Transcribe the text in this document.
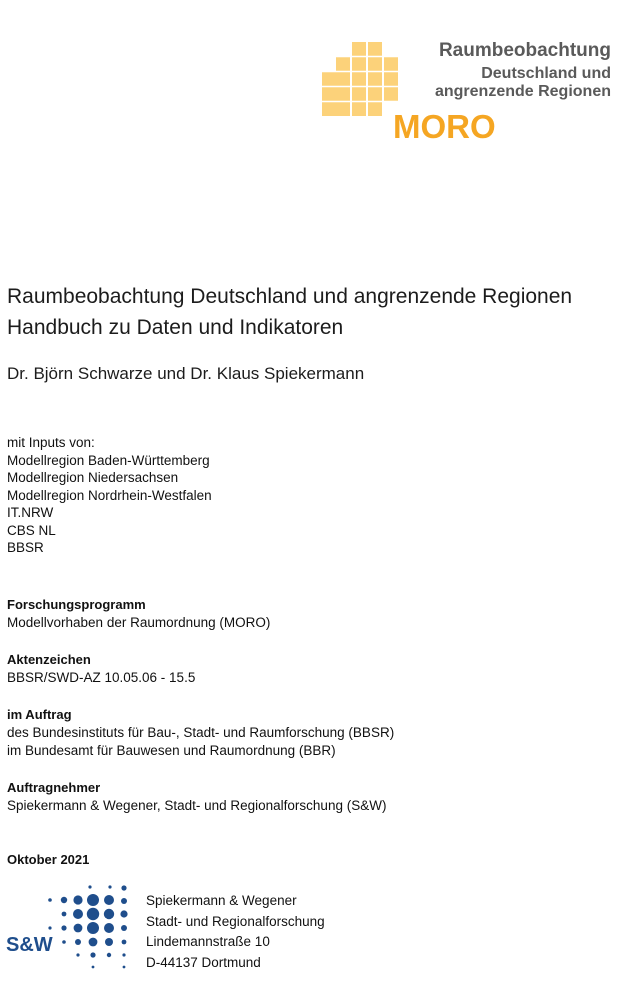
Raumbeobachtung
Deutschland und
angrenzende Regionen
MORO
Raumbeobachtung Deutschland und angrenzende Regionen
Handbuch zu Daten und Indikatoren
Dr. Björn Schwarze und Dr. Klaus Spiekermann
mit Inputs von:
Modellregion Baden-Württemberg
Modellregion Niedersachsen
Modellregion Nordrhein-Westfalen
IT.NRW
CBS NL
BBSR
Forschungsprogramm
Modellvorhaben der Raumordnung (MORO)
Aktenzeichen
BBSR/SWD-AZ 10.05.06 - 15.5
im Auftrag
des Bundesinstituts für Bau-, Stadt- und Raumforschung (BBSR)
im Bundesamt für Bauwesen und Raumordnung (BBR)
Auftragnehmer
Spiekermann & Wegener, Stadt- und Regionalforschung (S&W)
Oktober 2021
S&W
Spiekermann & Wegener
Stadt- und Regionalforschung
Lindemannstraße 10
D-44137 Dortmund
